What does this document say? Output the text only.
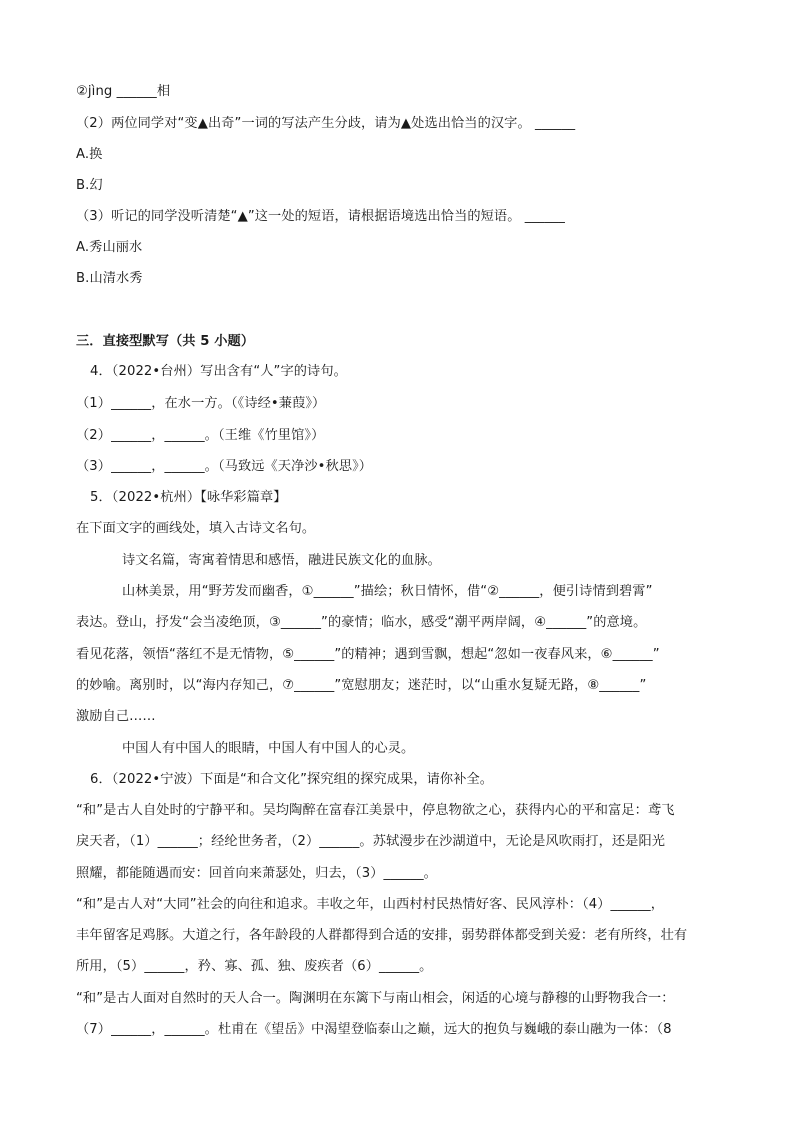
②jìng ______相
（2）两位同学对“变▲出奇”一词的写法产生分歧，请为▲处选出恰当的汉字。 ______
A.换
B.幻
（3）听记的同学没听清楚“▲”这一处的短语，请根据语境选出恰当的短语。 ______
A.秀山丽水
B.山清水秀
三．直接型默写（共 5 小题）
4．（2022•台州）写出含有“人”字的诗句。
（1）______，在水一方。（《诗经•蒹葭》）
（2）______，______。（王维《竹里馆》）
（3）______，______。（马致远《天净沙•秋思》）
5．（2022•杭州）【咏华彩篇章】
在下面文字的画线处，填入古诗文名句。
诗文名篇，寄寓着情思和感悟，融进民族文化的血脉。
山林美景，用“野芳发而幽香，①______”描绘；秋日情怀，借“②______，便引诗情到碧霄”
表达。登山，抒发“会当凌绝顶，③______”的豪情；临水，感受“潮平两岸阔，④______”的意境。
看见花落，领悟“落红不是无情物，⑤______”的精神；遇到雪飘，想起“忽如一夜春风来，⑥______”
的妙喻。离别时，以“海内存知己，⑦______”宽慰朋友；迷茫时，以“山重水复疑无路，⑧______”
激励自己……
中国人有中国人的眼睛，中国人有中国人的心灵。
6．（2022•宁波）下面是“和合文化”探究组的探究成果，请你补全。
“和”是古人自处时的宁静平和。吴均陶醉在富春江美景中，停息物欲之心，获得内心的平和富足：鸢飞
戾天者，（1）______；经纶世务者，（2）______。苏轼漫步在沙湖道中，无论是风吹雨打，还是阳光
照耀，都能随遇而安：回首向来萧瑟处，归去，（3）______。
“和”是古人对“大同”社会的向往和追求。丰收之年，山西村村民热情好客、民风淳朴：（4）______，
丰年留客足鸡豚。大道之行，各年龄段的人群都得到合适的安排，弱势群体都受到关爱：老有所终，壮有
所用，（5）______，矜、寡、孤、独、废疾者（6）______。
“和”是古人面对自然时的天人合一。陶渊明在东篱下与南山相会，闲适的心境与静穆的山野物我合一：
（7）______，______。杜甫在《望岳》中渴望登临泰山之巅，远大的抱负与巍峨的泰山融为一体：（8
